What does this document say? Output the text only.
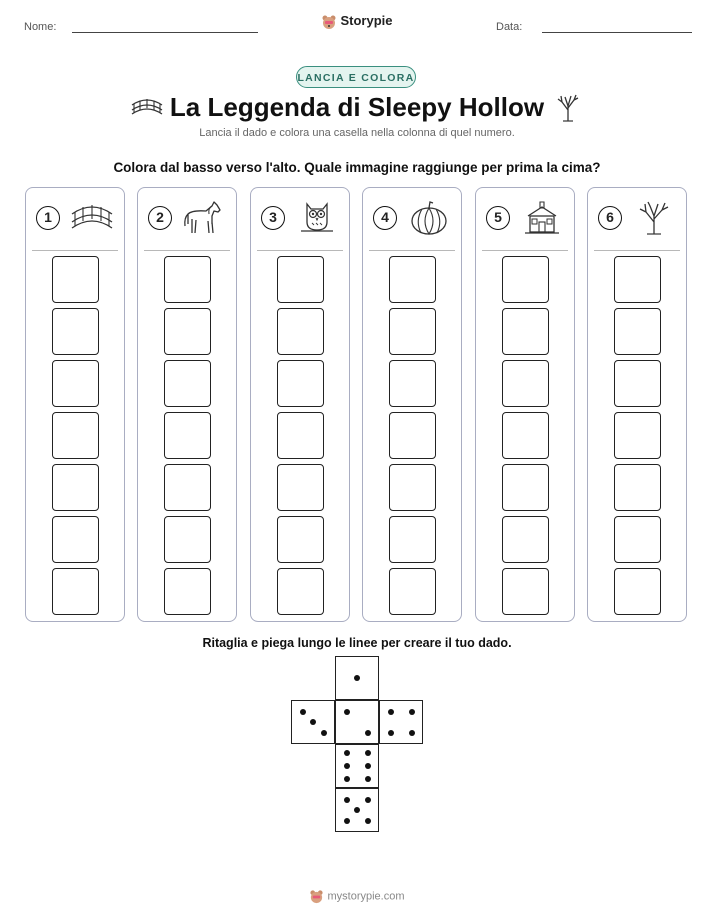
Nome:	Storypie	Data:
LANCIA E COLORA
La Leggenda di Sleepy Hollow
Lancia il dado e colora una casella nella colonna di quel numero.
Colora dal basso verso l'alto. Quale immagine raggiunge per prima la cima?
1	2	3	4	5	6
Ritaglia e piega lungo le linee per creare il tuo dado.
mystorypie.com
